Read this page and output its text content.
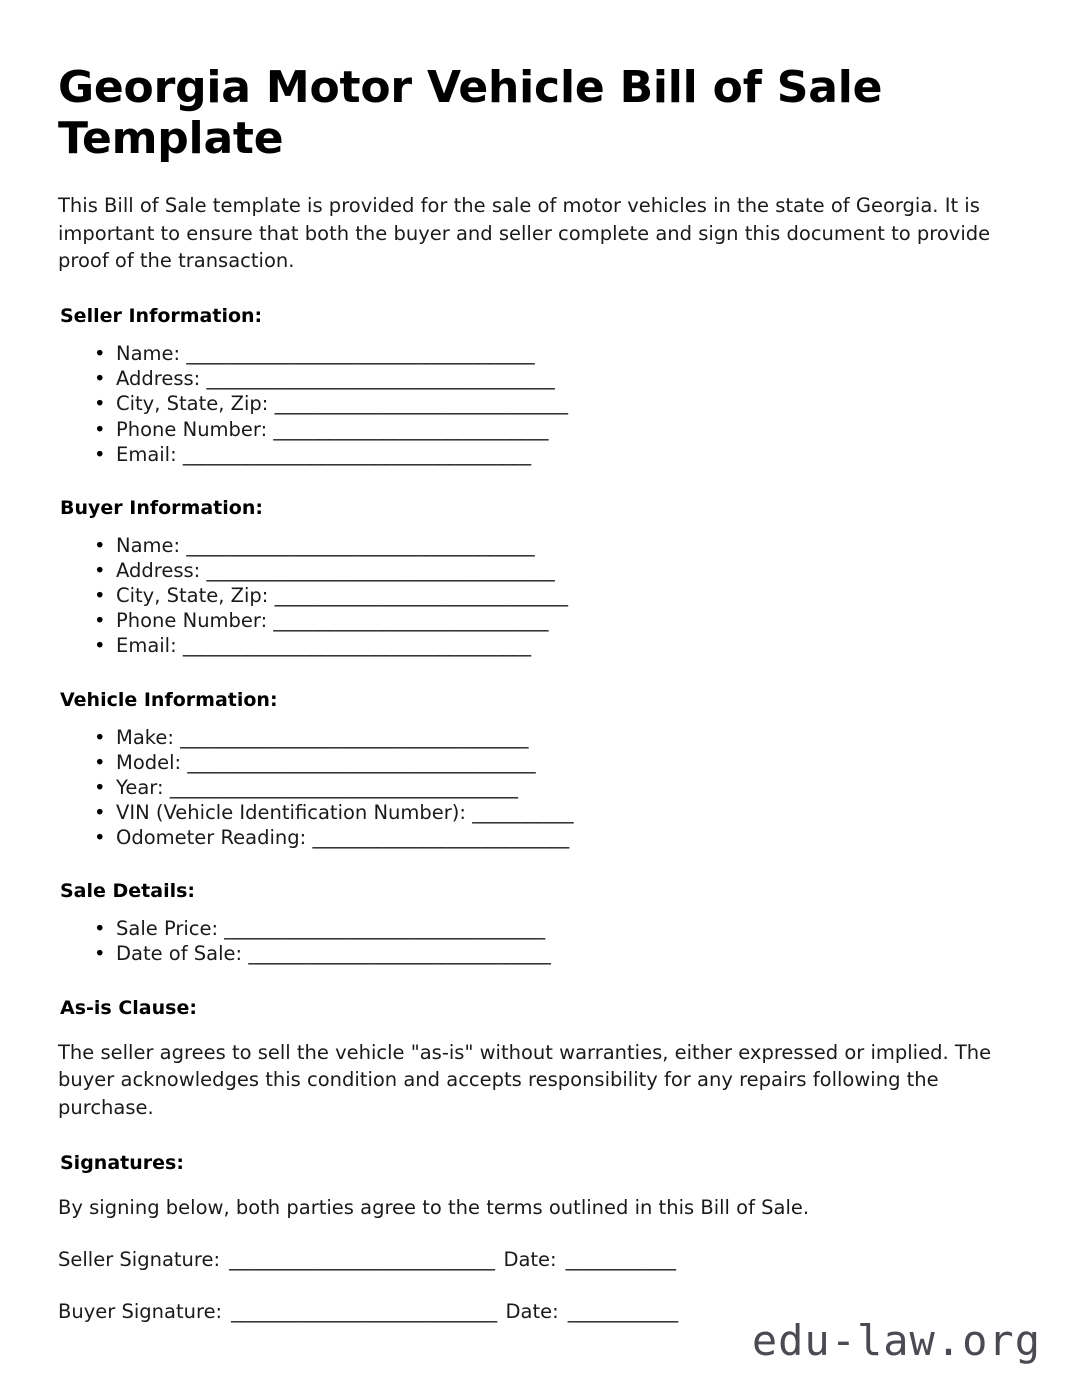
Georgia Motor Vehicle Bill of Sale Template

This Bill of Sale template is provided for the sale of motor vehicles in the state of Georgia. It is important to ensure that both the buyer and seller complete and sign this document to provide proof of the transaction.

Seller Information:
• Name: ______________________________________
• Address: ______________________________________
• City, State, Zip: ________________________________
• Phone Number: ______________________________
• Email: ______________________________________
Buyer Information:
• Name: ______________________________________
• Address: ______________________________________
• City, State, Zip: ________________________________
• Phone Number: ______________________________
• Email: ______________________________________
Vehicle Information:
• Make: ______________________________________
• Model: ______________________________________
• Year: ______________________________________
• VIN (Vehicle Identification Number): ___________
• Odometer Reading: ____________________________
Sale Details:
• Sale Price: ___________________________________
• Date of Sale: _________________________________
As-is Clause:

The seller agrees to sell the vehicle "as-is" without warranties, either expressed or implied. The buyer acknowledges this condition and accepts responsibility for any repairs following the purchase.

Signatures:

By signing below, both parties agree to the terms outlined in this Bill of Sale.

Seller Signature: _____________________________ Date: ____________
Buyer Signature: _____________________________ Date: ____________
edu-law.org
